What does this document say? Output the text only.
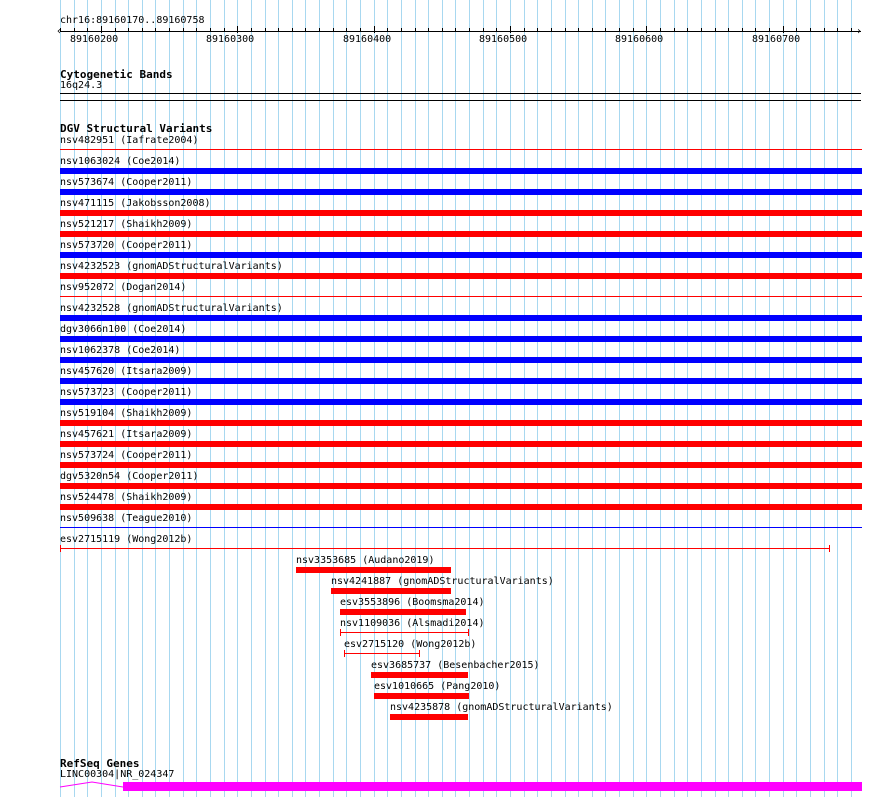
chr16:89160170..89160758
89160200	89160300	89160400	89160500	89160600	89160700
‹	›
Cytogenetic Bands
16q24.3
DGV Structural Variants
nsv482951 (Iafrate2004)
nsv1063024 (Coe2014)
nsv573674 (Cooper2011)
nsv471115 (Jakobsson2008)
nsv521217 (Shaikh2009)
nsv573720 (Cooper2011)
nsv4232523 (gnomADStructuralVariants)
nsv952072 (Dogan2014)
nsv4232528 (gnomADStructuralVariants)
dgv3066n100 (Coe2014)
nsv1062378 (Coe2014)
nsv457620 (Itsara2009)
nsv573723 (Cooper2011)
nsv519104 (Shaikh2009)
nsv457621 (Itsara2009)
nsv573724 (Cooper2011)
dgv5320n54 (Cooper2011)
nsv524478 (Shaikh2009)
nsv509638 (Teague2010)
esv2715119 (Wong2012b)
nsv3353685 (Audano2019)
nsv4241887 (gnomADStructuralVariants)
esv3553896 (Boomsma2014)
nsv1109036 (Alsmadi2014)
esv2715120 (Wong2012b)
esv3685737 (Besenbacher2015)
esv1010665 (Pang2010)
nsv4235878 (gnomADStructuralVariants)
RefSeq Genes
LINC00304|NR_024347
